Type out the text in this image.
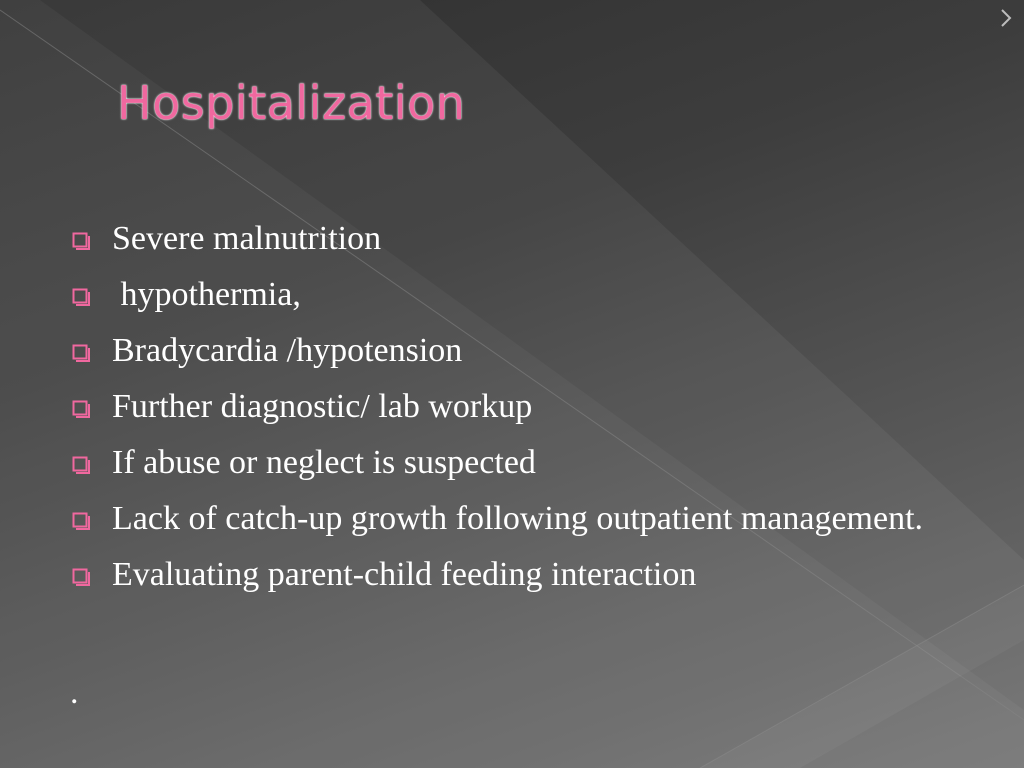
Hospitalization
Severe malnutrition
hypothermia,
Bradycardia /hypotension
Further diagnostic/ lab workup
If abuse or neglect is suspected
Lack of catch-up growth following outpatient management.
Evaluating parent-child feeding interaction
.
